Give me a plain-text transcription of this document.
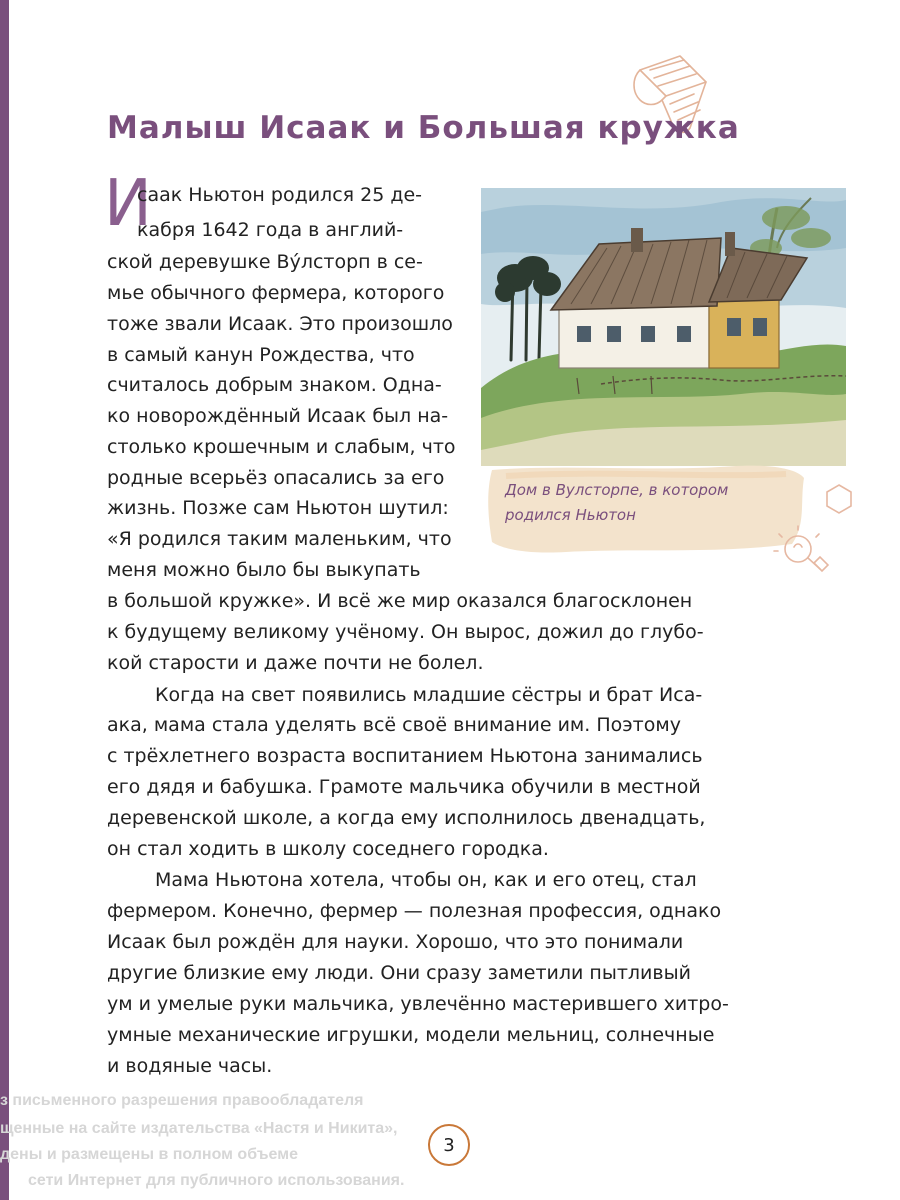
Малыш Исаак и Большая кружка
И

саак Ньютон родился 25 де-

кабря 1642 года в англий-

ской деревушке Ву́лсторп в се-

мье обычного фермера, которого

тоже звали Исаак. Это произошло

в самый канун Рождества, что

считалось добрым знаком. Одна-

ко новорождённый Исаак был на-

столько крошечным и слабым, что

родные всерьёз опасались за его

жизнь. Позже сам Ньютон шутил:

«Я родился таким маленьким, что

меня можно было бы выкупать

в большой кружке». И всё же мир оказался благосклонен

к будущему великому учёному. Он вырос, дожил до глубо-

кой старости и даже почти не болел.

Когда на свет появились младшие сёстры и брат Иса-

ака, мама стала уделять всё своё внимание им. Поэтому

с трёхлетнего возраста воспитанием Ньютона занимались

его дядя и бабушка. Грамоте мальчика обучили в местной

деревенской школе, а когда ему исполнилось двенадцать,

он стал ходить в школу соседнего городка.

Мама Ньютона хотела, чтобы он, как и его отец, стал

фермером. Конечно, фермер — полезная профессия, однако

Исаак был рождён для науки. Хорошо, что это понимали

другие близкие ему люди. Они сразу заметили пытливый

ум и умелые руки мальчика, увлечённо мастерившего хитро-

умные механические игрушки, модели мельниц, солнечные

и водяные часы.

Дом в Вулсторпе, в котором родился Ньютон

з письменного разрешения правообладателя

щенные на сайте издательства «Настя и Никита»,

дены и размещены в полном объеме

сети Интернет для публичного использования.

3
